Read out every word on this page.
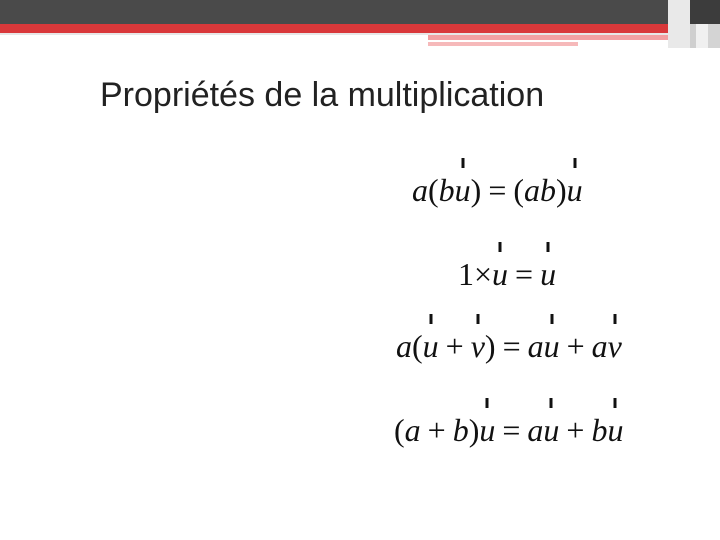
Propriétés de la multiplication
a(bu) = (ab)u
1×u = u
a(u + v) = au + av
(a + b)u = au + bu
